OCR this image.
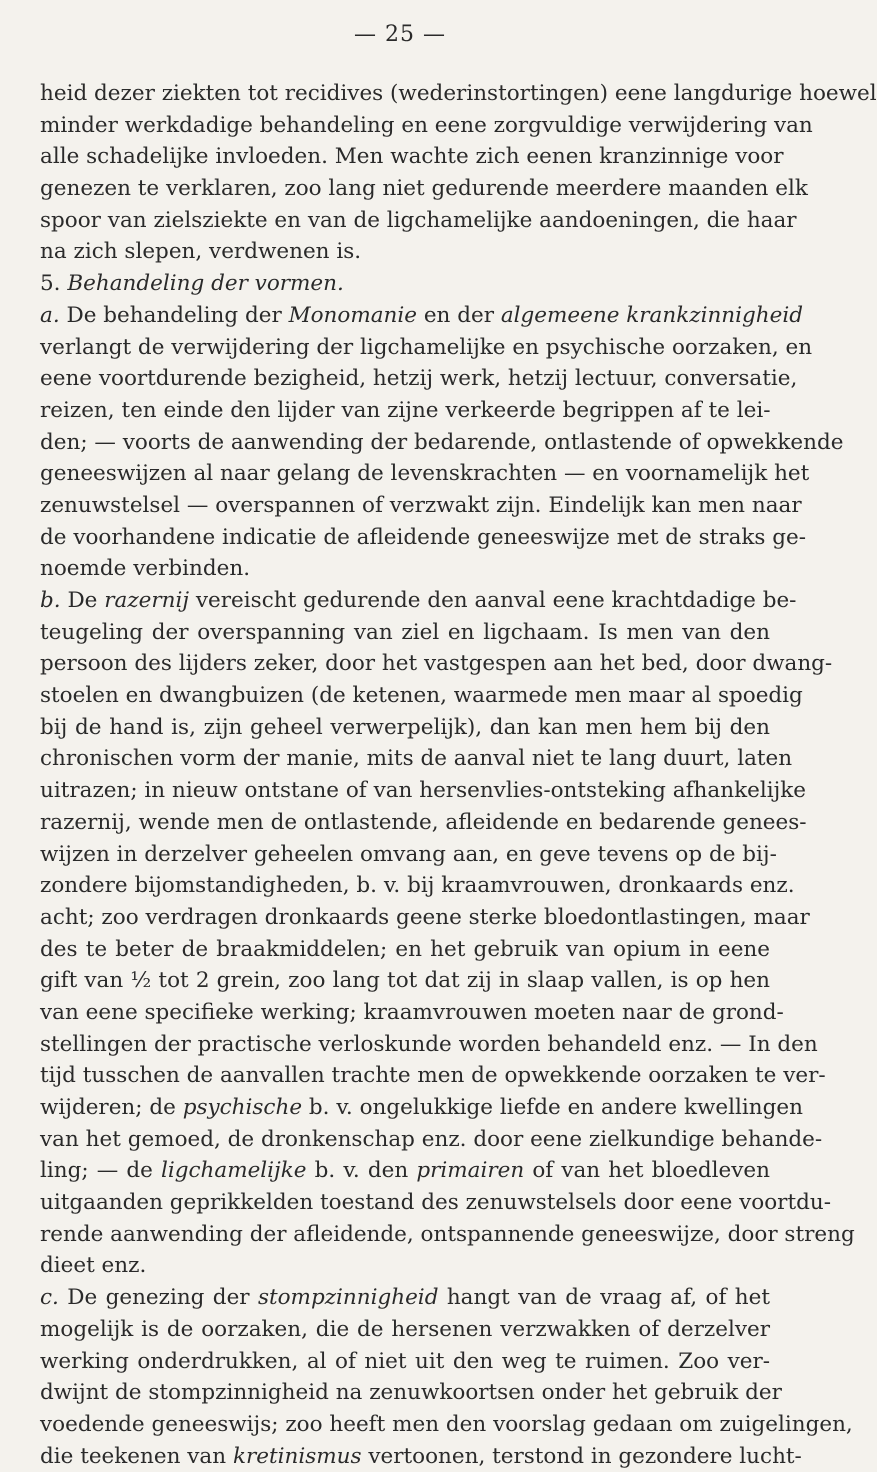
— 25 —
heid dezer ziekten tot recidives (wederinstortingen) eene langdurige hoewel
minder werkdadige behandeling en eene zorgvuldige verwijdering van
alle schadelijke invloeden. Men wachte zich eenen kranzinnige voor
genezen te verklaren, zoo lang niet gedurende meerdere maanden elk
spoor van zielsziekte en van de ligchamelijke aandoeningen, die haar
na zich slepen, verdwenen is.
5. Behandeling der vormen.
a. De behandeling der Monomanie en der algemeene krankzinnigheid
verlangt de verwijdering der ligchamelijke en psychische oorzaken, en
eene voortdurende bezigheid, hetzij werk, hetzij lectuur, conversatie,
reizen, ten einde den lijder van zijne verkeerde begrippen af te lei-
den; — voorts de aanwending der bedarende, ontlastende of opwekkende
geneeswijzen al naar gelang de levenskrachten — en voornamelijk het
zenuwstelsel — overspannen of verzwakt zijn. Eindelijk kan men naar
de voorhandene indicatie de afleidende geneeswijze met de straks ge-
noemde verbinden.
b. De razernij vereischt gedurende den aanval eene krachtdadige be-
teugeling der overspanning van ziel en ligchaam. Is men van den
persoon des lijders zeker, door het vastgespen aan het bed, door dwang-
stoelen en dwangbuizen (de ketenen, waarmede men maar al spoedig
bij de hand is, zijn geheel verwerpelijk), dan kan men hem bij den
chronischen vorm der manie, mits de aanval niet te lang duurt, laten
uitrazen; in nieuw ontstane of van hersenvlies-ontsteking afhankelijke
razernij, wende men de ontlastende, afleidende en bedarende genees-
wijzen in derzelver geheelen omvang aan, en geve tevens op de bij-
zondere bijomstandigheden, b. v. bij kraamvrouwen, dronkaards enz.
acht; zoo verdragen dronkaards geene sterke bloedontlastingen, maar
des te beter de braakmiddelen; en het gebruik van opium in eene
gift van ½ tot 2 grein, zoo lang tot dat zij in slaap vallen, is op hen
van eene specifieke werking; kraamvrouwen moeten naar de grond-
stellingen der practische verloskunde worden behandeld enz. — In den
tijd tusschen de aanvallen trachte men de opwekkende oorzaken te ver-
wijderen; de psychische b. v. ongelukkige liefde en andere kwellingen
van het gemoed, de dronkenschap enz. door eene zielkundige behande-
ling; — de ligchamelijke b. v. den primairen of van het bloedleven
uitgaanden geprikkelden toestand des zenuwstelsels door eene voortdu-
rende aanwending der afleidende, ontspannende geneeswijze, door streng
dieet enz.
c. De genezing der stompzinnigheid hangt van de vraag af, of het
mogelijk is de oorzaken, die de hersenen verzwakken of derzelver
werking onderdrukken, al of niet uit den weg te ruimen. Zoo ver-
dwijnt de stompzinnigheid na zenuwkoortsen onder het gebruik der
voedende geneeswijs; zoo heeft men den voorslag gedaan om zuigelingen,
die teekenen van kretinismus vertoonen, terstond in gezondere lucht-
